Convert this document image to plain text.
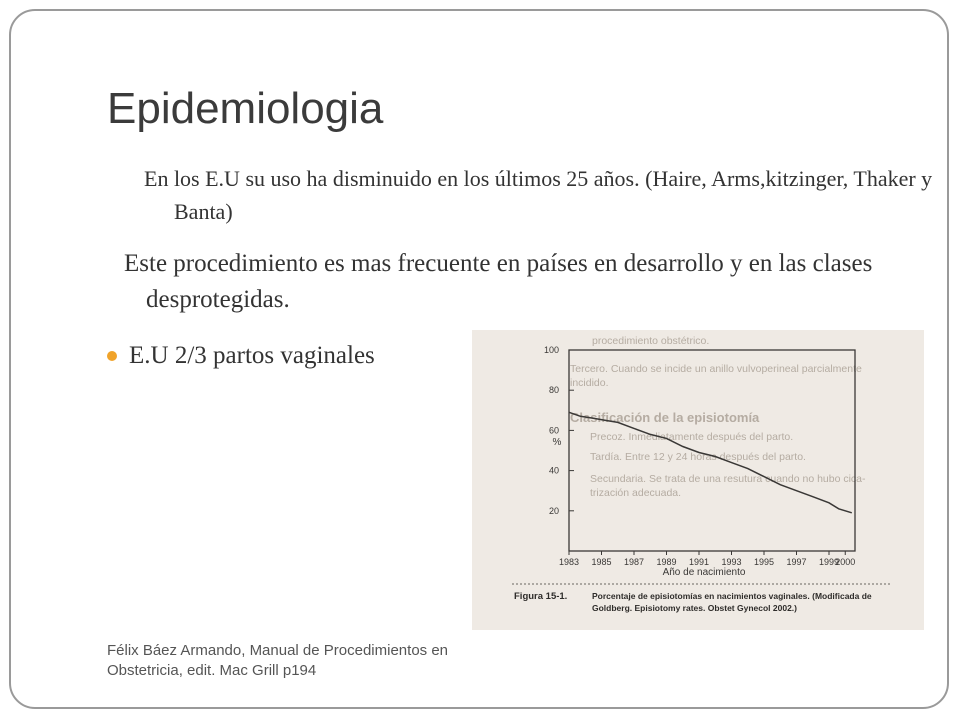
Epidemiologia

En los E.U su uso ha disminuido en los últimos 25 años. (Haire, Arms,kitzinger, Thaker y Banta)

Este procedimiento es mas frecuente en países en desarrollo y en las clases desprotegidas.

E.U 2/3 partos vaginales
procedimiento obstétrico.
Tercero. Cuando se incide un anillo vulvoperineal parcialmente
incidido.
Clasificación de la episiotomía
Precoz. Inmediatamente después del parto.
Tardía. Entre 12 y 24 horas después del parto.
Secundaria. Se trata de una resutura cuando no hubo cica-
trización adecuada.
20
40
60
80
100
1983 1985 1987 1989 1991 1993 1995 1997 1999
2000
%
Año de nacimiento
Figura 15-1.	Porcentaje de episiotomías en nacimientos vaginales. (Modificada de
Goldberg. Episiotomy rates. Obstet Gynecol 2002.)

Félix Báez Armando, Manual de Procedimientos en Obstetricia, edit. Mac Grill p194
